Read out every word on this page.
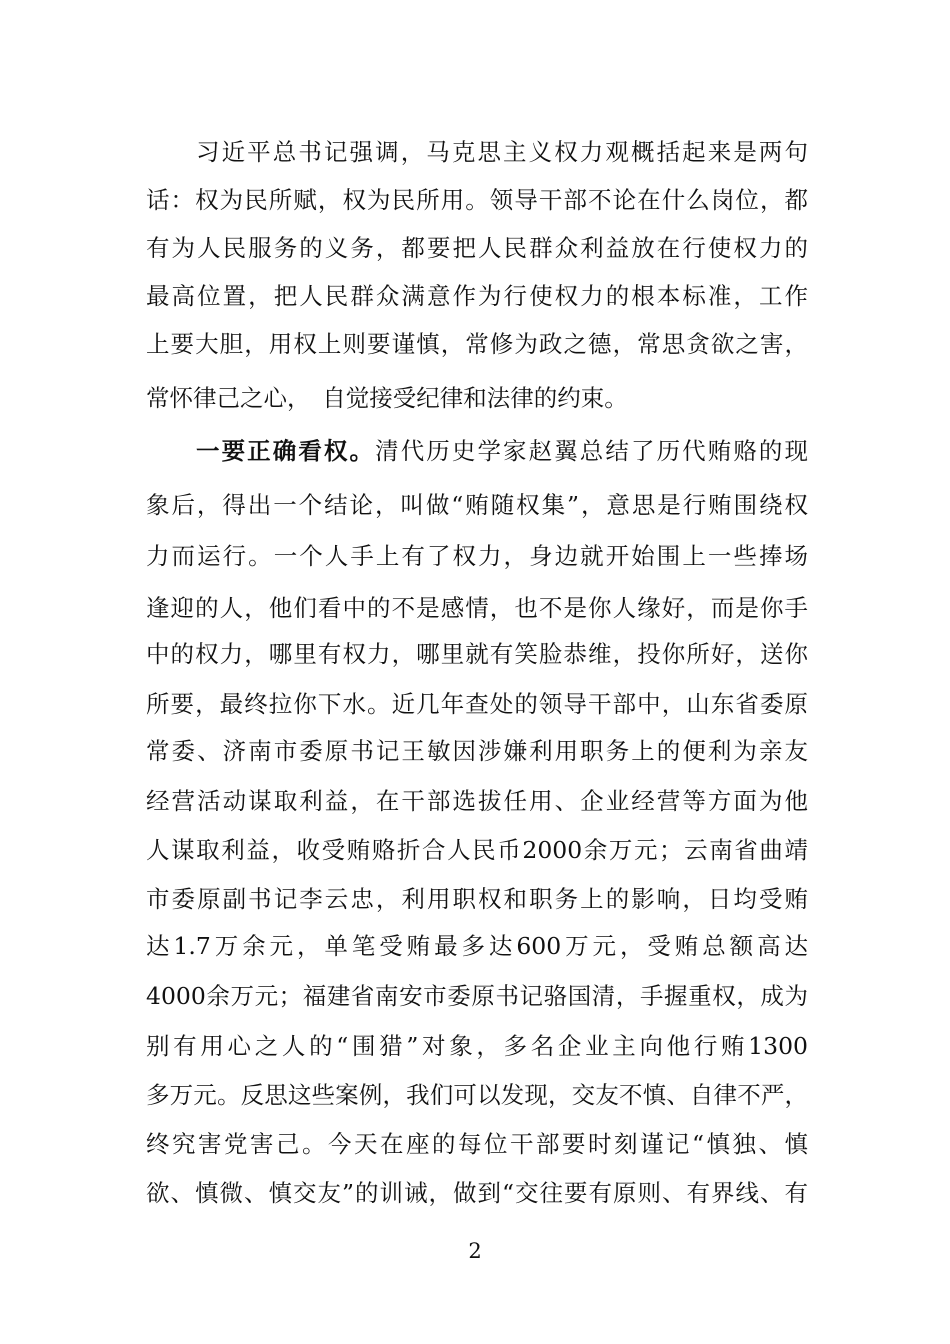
习近平总书记强调，马克思主义权力观概括起来是两句
话：权为民所赋，权为民所用。领导干部不论在什么岗位，都
有为人民服务的义务，都要把人民群众利益放在行使权力的
最高位置，把人民群众满意作为行使权力的根本标准，工作
上要大胆，用权上则要谨慎，常修为政之德，常思贪欲之害，
常怀律己之心，　自觉接受纪律和法律的约束。
一要正确看权。清代历史学家赵翼总结了历代贿赂的现
象后，得出一个结论，叫做“贿随权集”，意思是行贿围绕权
力而运行。一个人手上有了权力，身边就开始围上一些捧场
逢迎的人，他们看中的不是感情，也不是你人缘好，而是你手
中的权力，哪里有权力，哪里就有笑脸恭维，投你所好，送你
所要，最终拉你下水。近几年查处的领导干部中，山东省委原
常委、济南市委原书记王敏因涉嫌利用职务上的便利为亲友
经营活动谋取利益，在干部选拔任用、企业经营等方面为他
人谋取利益，收受贿赂折合人民币2000余万元；云南省曲靖
市委原副书记李云忠，利用职权和职务上的影响，日均受贿
达1.7万余元，单笔受贿最多达600万元，受贿总额高达
4000余万元；福建省南安市委原书记骆国清，手握重权，成为
别有用心之人的“围猎”对象，多名企业主向他行贿1300
多万元。反思这些案例，我们可以发现，交友不慎、自律不严，
终究害党害己。今天在座的每位干部要时刻谨记“慎独、慎
欲、慎微、慎交友”的训诫，做到“交往要有原则、有界线、有
2
